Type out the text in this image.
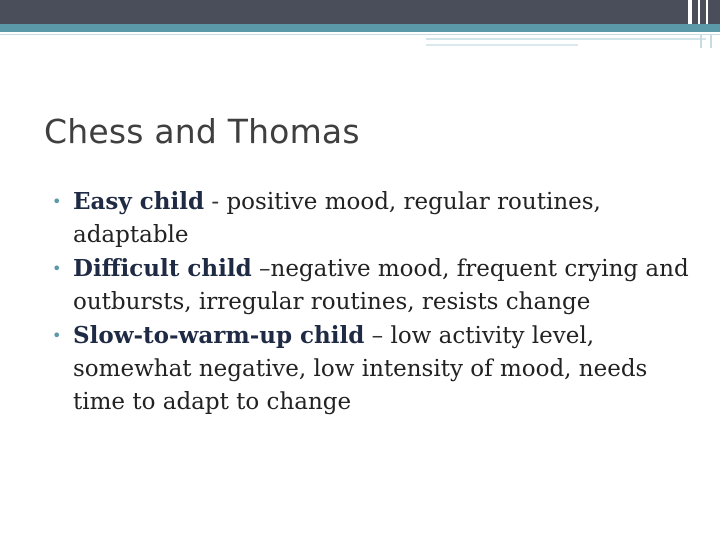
Chess and Thomas
• Easy child - positive mood, regular routines, adaptable
• Difficult child –negative mood, frequent crying and outbursts, irregular routines, resists change
• Slow-to-warm-up child – low activity level, somewhat negative, low intensity of mood, needs time to adapt to change
